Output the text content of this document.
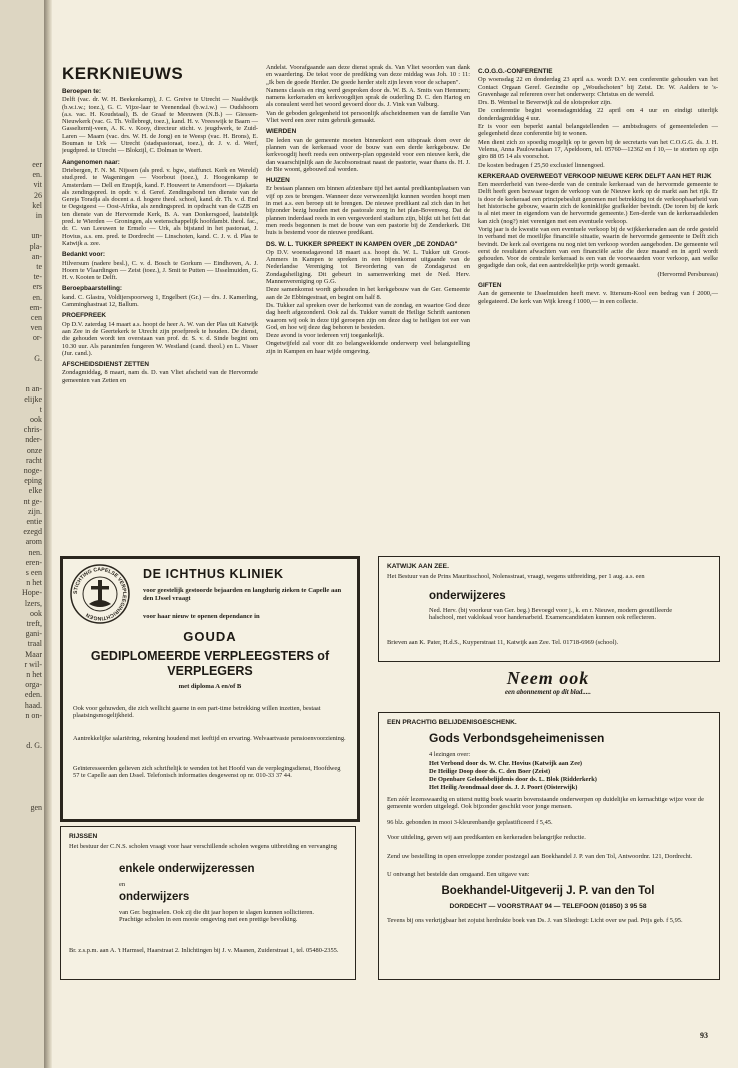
eer
en.
vit
26
kel
in
un-
pla-
an-
te
te-
ers
en.
em-
cen
ven
or-
G.
n an-
elijke
t
ook
chris-
nder-
onze
racht
noge-
eping
elke
nt ge-
zijn.
entie
ezegd
arom
nen.
eren-
s een
n het
Hope-
lzers,
ook
treft,
gani-
traal
Maar
r wil-
n het
orga-
eden.
haad.
n on-
d. G.
gen
KERKNIEUWS

Beroepen te:

Delft (vac. dr. W. H. Beekenkamp), J. C. Greive te Utrecht — Naaldwijk (b.w.i.w.; toez.), G. C. Vijze-laar te Veenendaal (b.w.i.w.) — Oudshoorn (a.s. vac. H. Koudstaal), B. de Graaf te Meeuwen (N.B.) — Giessen-Nieuwkerk (vac. G. Th. Vollebregt, toez.), kand. H. v. Vreeswijk te Baarn — Gasselternij-veen, A. K. v. Kooy, directeur sticht. v. jeugdwerk, te Zuid-Laren — Maarn (vac. drs. W. H. de Jong) en te Weesp (vac. H. Brons), E. Bouman te Urk — Utrecht (stadspastoraat, toez.), dr. J. v. d. Werf, jeugdpred. te Utrecht — Blokzijl, C. Dolman te Weert.

Aangenomen naar:

Driebergen, F. N. M. Nijssen (als pred. v. bgw., staffunct. Kerk en Wereld) stud.pred. te Wageningen — Voorbout (toez.), J. Hoogenkamp te Amsterdam — Dell en Enspijk, kand. F. Houwert te Amersfoort — Djakarta als zendingspred. in opdr. v. d. Geref. Zendingsbond ten dienste van de Gereja Toradja als docent a. d. hogere theol. school, kand. dr. Th. v. d. End te Oegstgeest — Oost-Afrika, als zendingspred. in opdracht van de GZB en ten dienste van de Hervormde Kerk, B. A. van Donkersgoed, laatstelijk pred. te Wierden — Groningen, als wetenschappelijk hoofdambt. theol. fac., dr. C. van Leeuwen te Ermelo — Urk, als bijstand in het pastoraat, J. Hovius, a.s. em. pred. te Dordrecht — Linschoten, kand. C. J. v. d. Plas te Katwijk a. zee.

Bedankt voor:

Hilversum (nadere besl.), C. v. d. Bosch te Gorkum — Eindhoven, A. J. Hoorn te Vlaardingen — Zeist (toez.), J. Smit te Putten — IJsselmuiden, G. H. v. Kooten te Delft.

Beroepbaarstelling:

kand. C. Glastra, Voldijerspoorweg 1, Engelbert (Gr.) — drs. J. Kamerling, Camminghastraat 12, Ballum.

PROEFPREEK

Op D.V. zaterdag 14 maart a.s. hoopt de heer A. W. van der Plas uit Katwijk aan Zee in de Geertekerk te Utrecht zijn proefpreek te houden. De dienst, die gehouden wordt ten overstaan van prof. dr. S. v. d. Sinde begint om 10.30 uur. Als paranimfen fungeren W. Westland (cand. theol.) en L. Visser (Jur. cand.).

AFSCHEIDSDIENST ZETTEN

Zondagmiddag, 8 maart, nam ds. D. van Vliet afscheid van de Hervormde gemeenten van Zetten en

Andelst. Voorafgaande aan deze dienst sprak ds. Van Vliet woorden van dank en waardering. De tekst voor de prediking van deze middag was Joh. 10 : 11: „Ik ben de goede Herder. De goede herder stelt zijn leven voor de schapen".

Namens classis en ring werd gesproken door ds. W. B. A. Smits van Hemmen; namens kerkeraden en kerkvoogdijen sprak de ouderling D. C. den Hartog en als consulent werd het woord gevoerd door ds. J. Vink van Valburg.

Van de geboden gelegenheid tot persoonlijk afscheidnemen van de familie Van Vliet werd een zeer ruim gebruik gemaakt.

WIERDEN

De leden van de gemeente moeten binnenkort een uitspraak doen over de plannen van de kerkeraad voor de bouw van een derde kerkgebouw. De kerkvoogdij heeft reeds een ontwerp-plan opgesteld voor een nieuwe kerk, die dan waarschijnlijk aan de Jacobsonstraat naast de pastorie, waar thans ds. H. J. de Bie woont, gebouwd zal worden.

HUIZEN

Er bestaan plannen om binnen afzienbare tijd het aantal predikantsplaatsen van vijf op zes te brengen. Wanneer deze verwezenlijkt kunnen worden hoopt men in mei a.s. een beroep uit te brengen. De nieuwe predikant zal zich dan in het bijzonder bezig houden met de pastorale zorg in het plan-Bovenweg. Dat de plannen inderdaad reeds in een vergevorderd stadium zijn, blijkt uit het feit dat men reeds begonnen is met de bouw van een pastorie bij de Zenderkerk. Dit huis is bestemd voor de nieuwe predikant.

DS. W. L. TUKKER SPREEKT IN KAMPEN OVER „DE ZONDAG"

Op D.V. woensdagavond 18 maart a.s. hoopt ds. W. L. Tukker uit Groot-Ammers in Kampen te spreken in een bijeenkomst uitgaande van de Nederlandse Vereniging tot Bevordering van de Zondagsrust en Zondagsheiliging. Dit gebeurt in samenwerking met de Ned. Herv. Mannenvereniging op G.G.

Deze samenkomst wordt gehouden in het kerkgebouw van de Ger. Gemeente aan de 2e Ebbingestraat, en begint om half 8.

Ds. Tukker zal spreken over de herkomst van de zondag, en waartoe God deze dag heeft afgezonderd. Ook zal ds. Tukker vanuit de Heilige Schrift aantonen waarom wij ook in deze tijd geroepen zijn om deze dag te heiligen tot eer van God, en hoe wij deze dag behoren te besteden.

Deze avond is voor iedereen vrij toegankelijk.

Ongetwijfeld zal voor dit zo belangwekkende onderwerp veel belangstelling zijn in Kampen en haar wijde omgeving.

C.O.G.G.-CONFERENTIE

Op woensdag 22 en donderdag 23 april a.s. wordt D.V. een conferentie gehouden van het Contact Orgaan Geref. Gezindte op „Woudschoten" bij Zeist. Dr. W. Aalders te 's-Gravenhage zal refereren over het onderwerp: Christus en de wereld.

Drs. B. Wentsel te Beverwijk zal de slotspreker zijn.

De conferentie begint woensdagmiddag 22 april om 4 uur en eindigt uiterlijk donderdagmiddag 4 uur.

Er is voor een beperkt aantal belangstellenden — ambtsdragers of gemeenteleden — gelegenheid deze conferentie bij te wonen.

Men dient zich zo spoedig mogelijk op te geven bij de secretaris van het C.O.G.G. ds. J. H. Velema, Anna Paulownalaan 17, Apeldoorn, tel. 05760—12362 en f 10,— te storten op zijn giro 88 05 14 als voorschot.

De kosten bedragen f 25,50 exclusief linnengoed.

KERKERAAD OVERWEEGT VERKOOP NIEUWE KERK DELFT AAN HET RIJK

Een meerderheid van twee-derde van de centrale kerkeraad van de hervormde gemeente te Delft heeft geen bezwaar tegen de verkoop van de Nieuwe kerk op de markt aan het rijk. Er is door de kerkeraad een principebesluit genomen met betrekking tot de verkoopbaarheid van het historische gebouw, waarin zich de koninklijke grafkelder bevindt. (De toren bij de kerk is al niet meer in eigendom van de hervormde gemeente.) Een-derde van de kerkeraadsleden kan zich (nog?) niet verenigen met een eventuele verkoop.

Vorig jaar is de kwestie van een eventuele verkoop bij de wijkkerkeraden aan de orde gesteld in verband met de moeilijke financiële situatie, waarin de hervormde gemeente te Delft zich bevindt. De kerk zal overigens nu nog niet ten verkoop worden aangeboden. De gemeente wil eerst de resultaten afwachten van een financiële actie die deze maand en in april wordt gehouden. Voor de centrale kerkeraad is een van de voorwaarden voor verkoop, aan welke gegadigde dan ook, dat een aantrekkelijke prijs wordt gemaakt.

(Hervormd Persbureau)

GIFTEN

Aan de gemeente te IJsselmuiden heeft mevr. v. Ittersum-Kool een bedrag van f 2000,— gelegateerd. De kerk van Wijk kreeg f 1000,— in een collecte.

STICHTING CAPELSE VERPLEEGINRICHTINGEN
DE ICHTHUS KLINIEK
voor geestelijk gestoorde bejaarden en langdurig zieken te Capelle aan den IJssel vraagt
voor haar nieuw te openen dependance in
GOUDA
GEDIPLOMEERDE VERPLEEGSTERS of VERPLEGERS
met diploma A en/of B
Ook voor gehuwden, die zich wellicht gaarne in een part-time betrekking willen inzetten, bestaat plaatsingsmogelijkheid.
Aantrekkelijke salariëring, rekening houdend met leeftijd en ervaring. Welvaartvaste pensioenvoorziening.
Geïnteresseerden gelieven zich schriftelijk te wenden tot het Hoofd van de verplegingsdienst, Hoofdweg 57 te Capelle aan den IJssel. Telefonisch informaties desgewenst op nr. 010-33 37 44.
RIJSSEN
Het bestuur der C.N.S. scholen vraagt voor haar verschillende scholen wegens uitbreiding en vervanging
enkele onderwijzeressen
en
onderwijzers
van Ger. beginselen. Ook zij die dit jaar hopen te slagen kunnen solliciteren. Prachtige scholen in een mooie omgeving met een prettige bevolking.
Br. z.s.p.m. aan A. 't Harmsel, Haarstraat 2. Inlichtingen bij J. v. Maanen, Zuiderstraat 1, tel. 05480-2355.
KATWIJK AAN ZEE.
Het Bestuur van de Prins Mauritsschool, Nolensstraat, vraagt, wegens uitbreiding, per 1 aug. a.s. een
onderwijzeres
Ned. Herv. (bij voorkeur van Ger. beg.) Bevoegd voor j., k. en r. Nieuwe, modern geoutilleerde halschool, met vaklokaal voor handenarbeid. Examencandidaten kunnen ook reflecteren.
Brieven aan K. Pater, H.d.S., Kuyperstraat 11, Katwijk aan Zee. Tel. 01718-6969 (school).
Neem ook
een abonnement op dit blad.....
EEN PRACHTIG BELIJDENISGESCHENK.
Gods Verbondsgeheimenissen
4 lezingen over:
Het Verbond door ds. W. Chr. Hovius (Katwijk aan Zee)
De Heilige Doop door ds. C. den Boer (Zeist)
De Openbare Geloofsbelijdenis door ds. L. Blok (Ridderkerk)
Het Heilig Avondmaal door ds. J. J. Poort (Oisterwijk)
Een zéér lezenswaardig en uiterst nuttig boek waarin bovenstaande onderwerpen op duidelijke en kernachtige wijze voor de gemeente worden uitgelegd. Ook bijzonder geschikt voor jonge mensen.
96 blz. gebonden in mooi 3-kleurenbandje geplastificeerd f 5,45.
Voor uitdeling, geven wij aan predikanten en kerkeraden belangrijke reductie.
Zend uw bestelling in open enveloppe zonder postzegel aan Boekhandel J. P. van den Tol, Antwoordnr. 121, Dordrecht.
U ontvangt het bestelde dan omgaand. Een uitgave van:
Boekhandel-Uitgeverij J. P. van den Tol
DORDECHT — VOORSTRAAT 94 — TELEFOON (01850) 3 95 58
Tevens bij ons verkrijgbaar het zojuist herdrukte boek van Ds. J. van Sliedregt: Licht over uw pad. Prijs geb. f 5,95.
93
